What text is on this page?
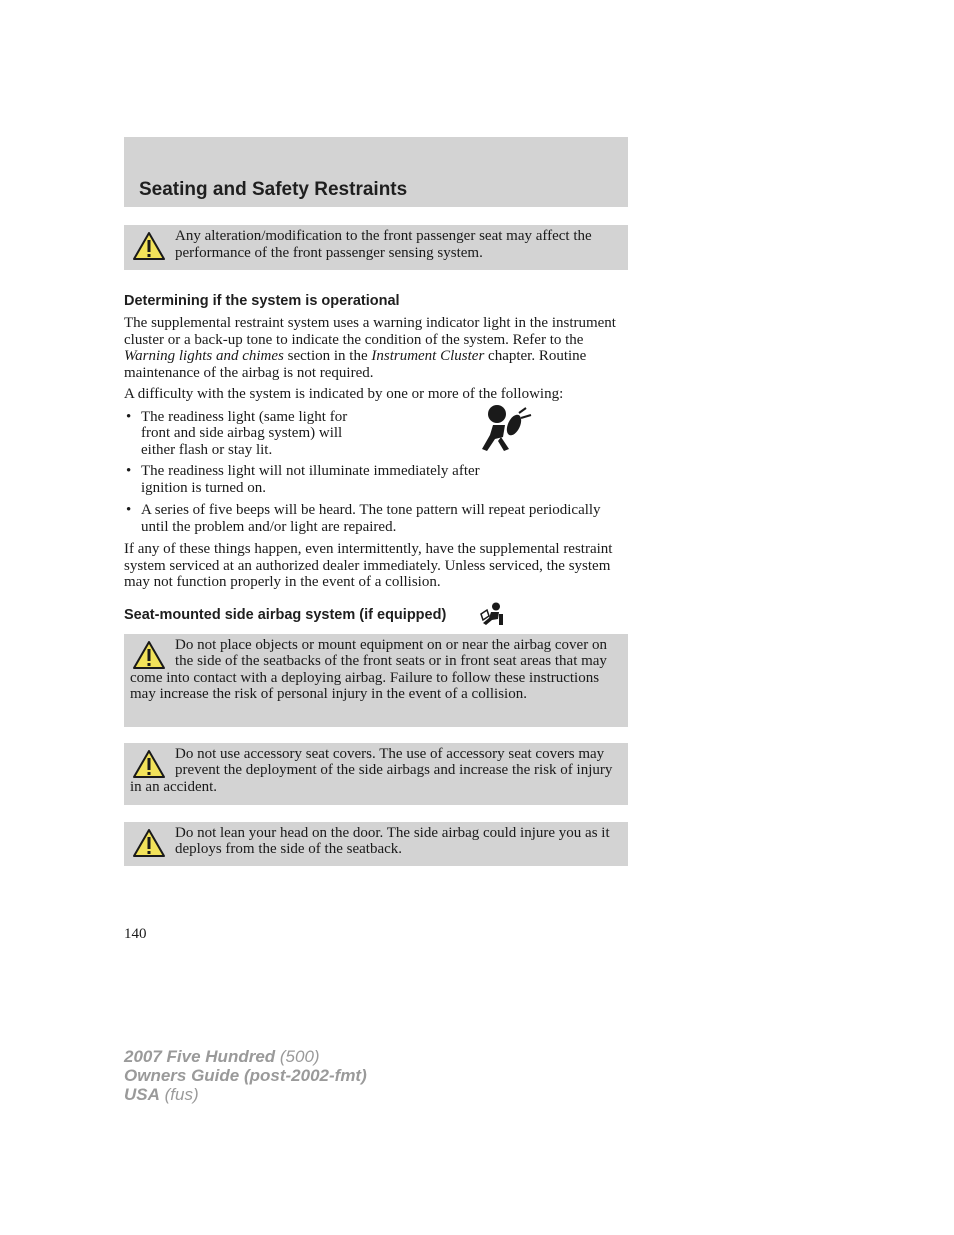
Seating and Safety Restraints
Any alteration/modification to the front passenger seat may affect the performance of the front passenger sensing system.

Determining if the system is operational

The supplemental restraint system uses a warning indicator light in the instrument cluster or a back-up tone to indicate the condition of the system. Refer to the Warning lights and chimes section in the Instrument Cluster chapter. Routine maintenance of the airbag is not required.

A difficulty with the system is indicated by one or more of the following:

• The readiness light (same light for front and side airbag system) will either flash or stay lit.
• The readiness light will not illuminate immediately after ignition is turned on.
• A series of five beeps will be heard. The tone pattern will repeat periodically until the problem and/or light are repaired.

If any of these things happen, even intermittently, have the supplemental restraint system serviced at an authorized dealer immediately. Unless serviced, the system may not function properly in the event of a collision.

Seat-mounted side airbag system (if equipped)

Do not place objects or mount equipment on or near the airbag cover on the side of the seatbacks of the front seats or in front seat areas that may come into contact with a deploying airbag. Failure to follow these instructions may increase the risk of personal injury in the event of a collision.
Do not use accessory seat covers. The use of accessory seat covers may prevent the deployment of the side airbags and increase the risk of injury in an accident.
Do not lean your head on the door. The side airbag could injure you as it deploys from the side of the seatback.
140
2007 Five Hundred (500)
Owners Guide (post-2002-fmt)
USA (fus)
